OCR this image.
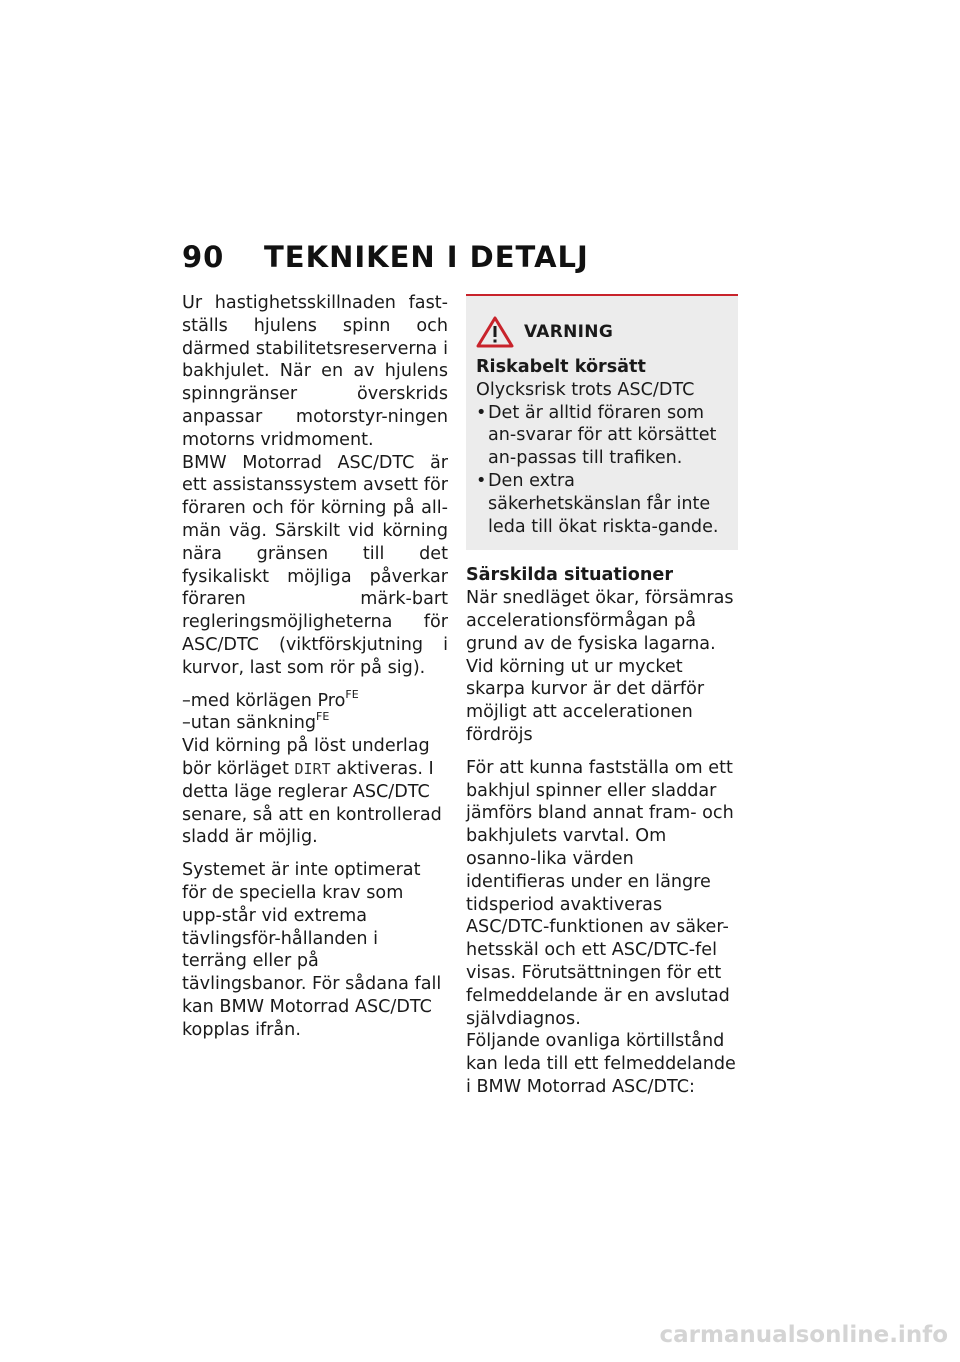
90 TEKNIKEN I DETALJ

Ur hastighetsskillnaden fast-ställs hjulens spinn och därmed stabilitetsreserverna i bakhjulet. När en av hjulens spinngränser överskrids anpassar motorstyr-ningen motorns vridmoment.

BMW Motorrad ASC/DTC är ett assistanssystem avsett för föraren och för körning på all-män väg. Särskilt vid körning nära gränsen till det fysikaliskt möjliga påverkar föraren märk-bart regleringsmöjligheterna för ASC/DTC (viktförskjutning i kurvor, last som rör på sig).

–med körlägen Pro$^{FE}$
–utan sänkning$^{FE}$

Vid körning på löst underlag bör körläget DIRT aktiveras. I detta läge reglerar ASC/DTC senare, så att en kontrollerad sladd är möjlig.

Systemet är inte optimerat för de speciella krav som upp-står vid extrema tävlingsför-hållanden i terräng eller på tävlingsbanor. För sådana fall kan BMW Motorrad ASC/DTC kopplas ifrån.

VARNING
Riskabelt körsätt
Olycksrisk trots ASC/DTC
• Det är alltid föraren som an-svarar för att körsättet an-passas till trafiken.
• Den extra säkerhetskänslan får inte leda till ökat riskta-gande.
Särskilda situationer

När snedläget ökar, försämras accelerationsförmågan på grund av de fysiska lagarna. Vid körning ut ur mycket skarpa kurvor är det därför möjligt att accelerationen fördröjs

För att kunna fastställa om ett bakhjul spinner eller sladdar jämförs bland annat fram- och bakhjulets varvtal. Om osanno-lika värden identifieras under en längre tidsperiod avaktiveras ASC/DTC-funktionen av säker-hetsskäl och ett ASC/DTC-fel visas. Förutsättningen för ett felmeddelande är en avslutad självdiagnos.

Följande ovanliga körtillstånd kan leda till ett felmeddelande i BMW Motorrad ASC/DTC:

carmanualsonline.info
